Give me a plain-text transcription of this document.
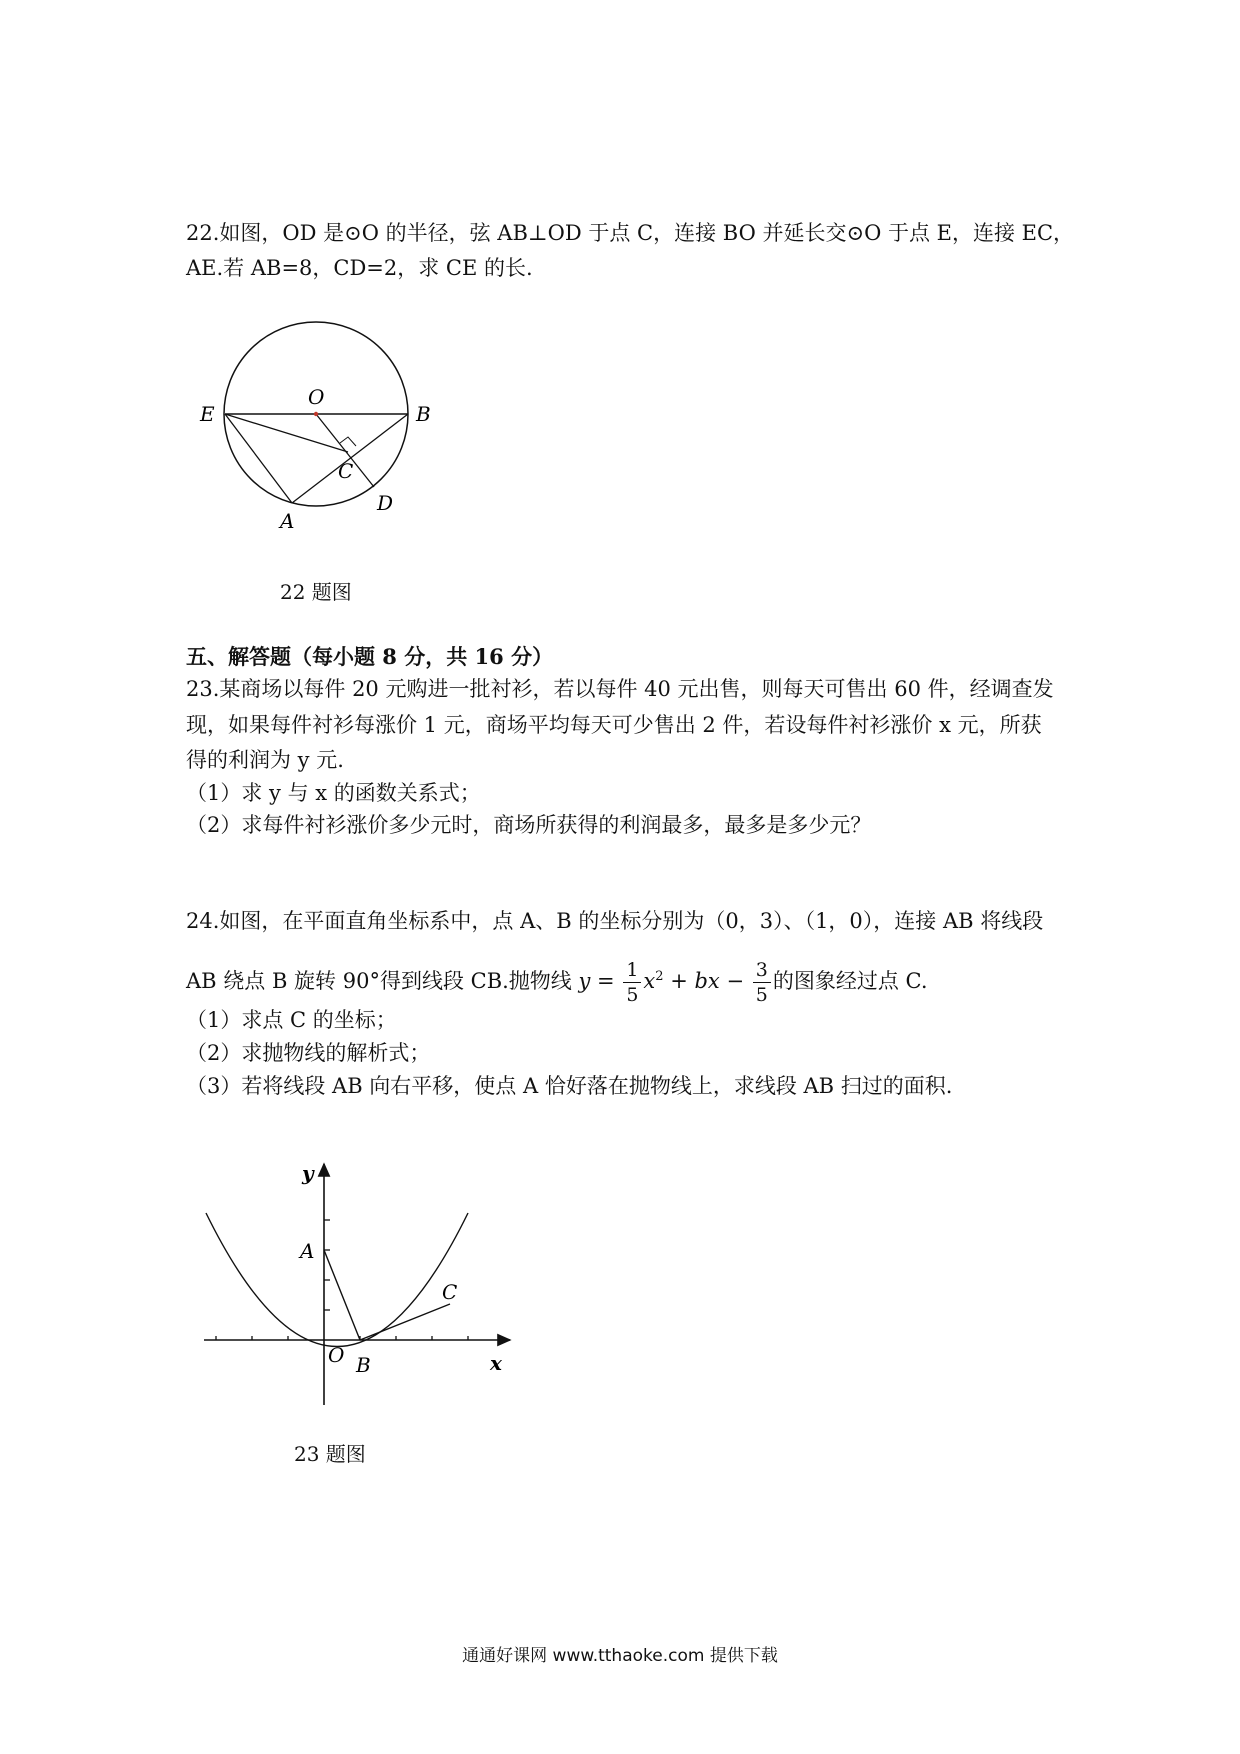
22.如图，OD 是⊙O 的半径，弦 AB⊥OD 于点 C，连接 BO 并延长交⊙O 于点 E，连接 EC，
AE.若 AB=8，CD=2，求 CE 的长.
E
O
B
C
D
A
22 题图
五、解答题（每小题 8 分，共 16 分）
23.某商场以每件 20 元购进一批衬衫，若以每件 40 元出售，则每天可售出 60 件，经调查发
现，如果每件衬衫每涨价 1 元，商场平均每天可少售出 2 件，若设每件衬衫涨价 x 元，所获
得的利润为 y 元.
（1）求 y 与 x 的函数关系式；
（2）求每件衬衫涨价多少元时，商场所获得的利润最多，最多是多少元？
24.如图，在平面直角坐标系中，点 A、B 的坐标分别为（0，3）、（1，0），连接 AB 将线段
AB 绕点 B 旋转 90°得到线段 CB.抛物线 $y = \frac{1}{5} x^2$ + bx − $\frac{3}{5}$ 的图象经过点 C.
（1）求点 C 的坐标；
（2）求抛物线的解析式；
（3）若将线段 AB 向右平移，使点 A 恰好落在抛物线上，求线段 AB 扫过的面积.
y
x
A
C
O B
23 题图
通通好课网 www.tthaoke.com 提供下载
